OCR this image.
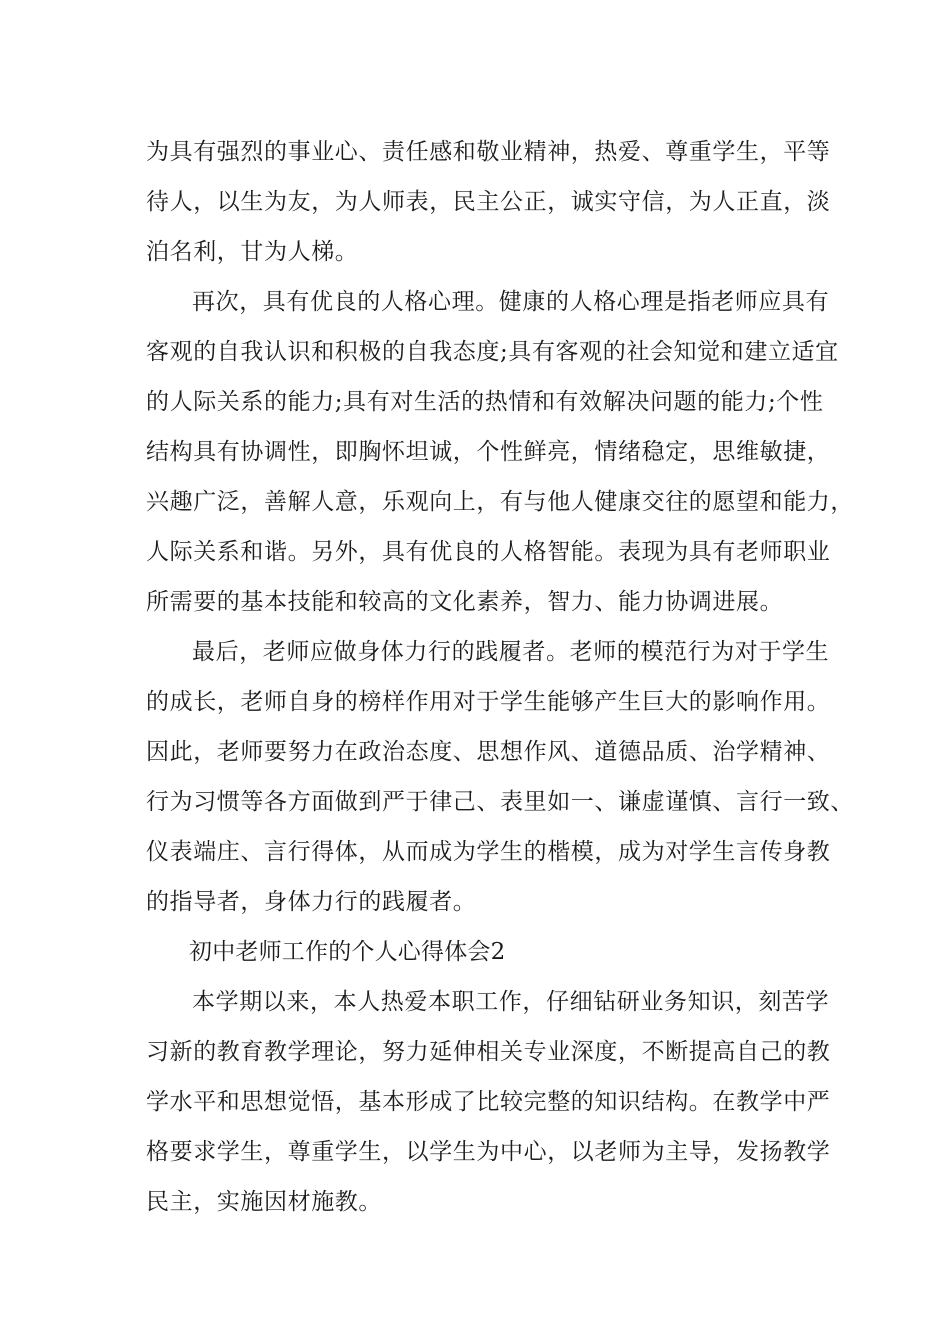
为具有强烈的事业心、责任感和敬业精神，热爱、尊重学生，平等
待人，以生为友，为人师表，民主公正，诚实守信，为人正直，淡
泊名利，甘为人梯。
再次，具有优良的人格心理。健康的人格心理是指老师应具有
客观的自我认识和积极的自我态度;具有客观的社会知觉和建立适宜
的人际关系的能力;具有对生活的热情和有效解决问题的能力;个性
结构具有协调性，即胸怀坦诚，个性鲜亮，情绪稳定，思维敏捷，
兴趣广泛，善解人意，乐观向上，有与他人健康交往的愿望和能力，
人际关系和谐。另外，具有优良的人格智能。表现为具有老师职业
所需要的基本技能和较高的文化素养，智力、能力协调进展。
最后，老师应做身体力行的践履者。老师的模范行为对于学生
的成长，老师自身的榜样作用对于学生能够产生巨大的影响作用。
因此，老师要努力在政治态度、思想作风、道德品质、治学精神、
行为习惯等各方面做到严于律己、表里如一、谦虚谨慎、言行一致、
仪表端庄、言行得体，从而成为学生的楷模，成为对学生言传身教
的指导者，身体力行的践履者。
初中老师工作的个人心得体会2
本学期以来，本人热爱本职工作，仔细钻研业务知识，刻苦学
习新的教育教学理论，努力延伸相关专业深度，不断提高自己的教
学水平和思想觉悟，基本形成了比较完整的知识结构。在教学中严
格要求学生，尊重学生，以学生为中心，以老师为主导，发扬教学
民主，实施因材施教。
